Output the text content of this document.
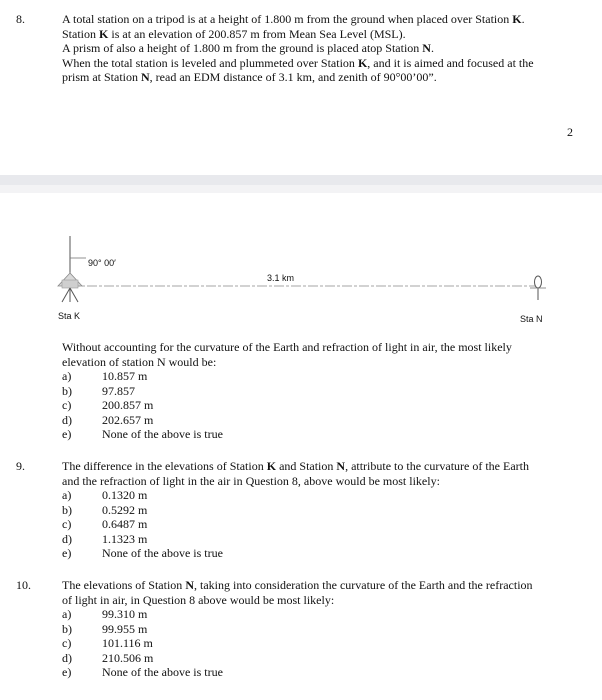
8.	A total station on a tripod is at a height of 1.800 m from the ground when placed over Station K.
Station K is at an elevation of 200.857 m from Mean Sea Level (MSL).
A prism of also a height of 1.800 m from the ground is placed atop Station N.
When the total station is leveled and plummeted over Station K, and it is aimed and focused at the
prism at Station N, read an EDM distance of 3.1 km, and zenith of 90°00’00”.
2
90° 00′
3.1 km
Sta K	Sta N
Without accounting for the curvature of the Earth and refraction of light in air, the most likely
elevation of station N would be:
a)	10.857 m
b)	97.857
c)	200.857 m
d)	202.657 m
e)	None of the above is true
9.	The difference in the elevations of Station K and Station N, attribute to the curvature of the Earth
and the refraction of light in the air in Question 8, above would be most likely:
a)	0.1320 m
b)	0.5292 m
c)	0.6487 m
d)	1.1323 m
e)	None of the above is true
10.	The elevations of Station N, taking into consideration the curvature of the Earth and the refraction
of light in air, in Question 8 above would be most likely:
a)	99.310 m
b)	99.955 m
c)	101.116 m
d)	210.506 m
e)	None of the above is true
